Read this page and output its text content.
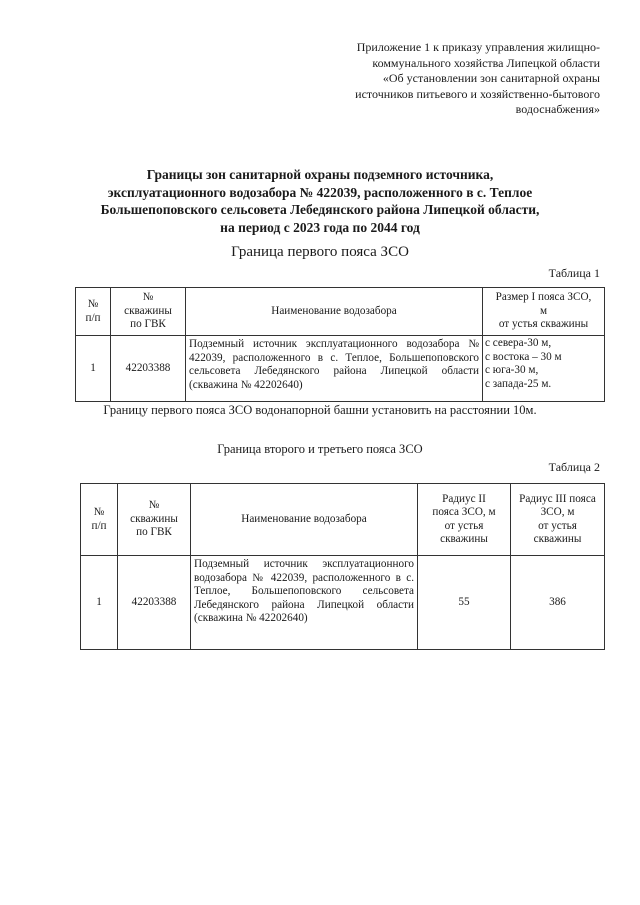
Приложение 1 к приказу управления жилищно-
коммунального хозяйства Липецкой области
«Об установлении зон санитарной охраны
источников питьевого и хозяйственно-бытового
водоснабжения»
Границы зон санитарной охраны подземного источника,
эксплуатационного водозабора № 422039, расположенного в с. Теплое
Большепоповского сельсовета Лебедянского района Липецкой области,
на период с 2023 года по 2044 год
Граница первого пояса ЗСО
Таблица 1
№
п/п	№
скважины
по ГВК	Наименование водозабора	Размер I пояса ЗСО,
м
от устья скважины
1	42203388	Подземный источник эксплуатационного водозабора № 422039, расположенного в с. Теплое, Большепоповского сельсовета Лебедянского района Липецкой области (скважина № 42202640)	с севера-30 м,
с востока – 30 м
с юга-30 м,
с запада-25 м.
Границу первого пояса ЗСО водонапорной башни установить на расстоянии 10м.
Граница второго и третьего пояса ЗСО
Таблица 2
№
п/п	№
скважины
по ГВК	Наименование водозабора	Радиус II
пояса ЗСО, м
от устья
скважины	Радиус III пояса
ЗСО, м
от устья
скважины
1	42203388	Подземный источник эксплуатационного водозабора № 422039, расположенного в с. Теплое, Большепоповского сельсовета Лебедянского района Липецкой области (скважина № 42202640)	55	386
